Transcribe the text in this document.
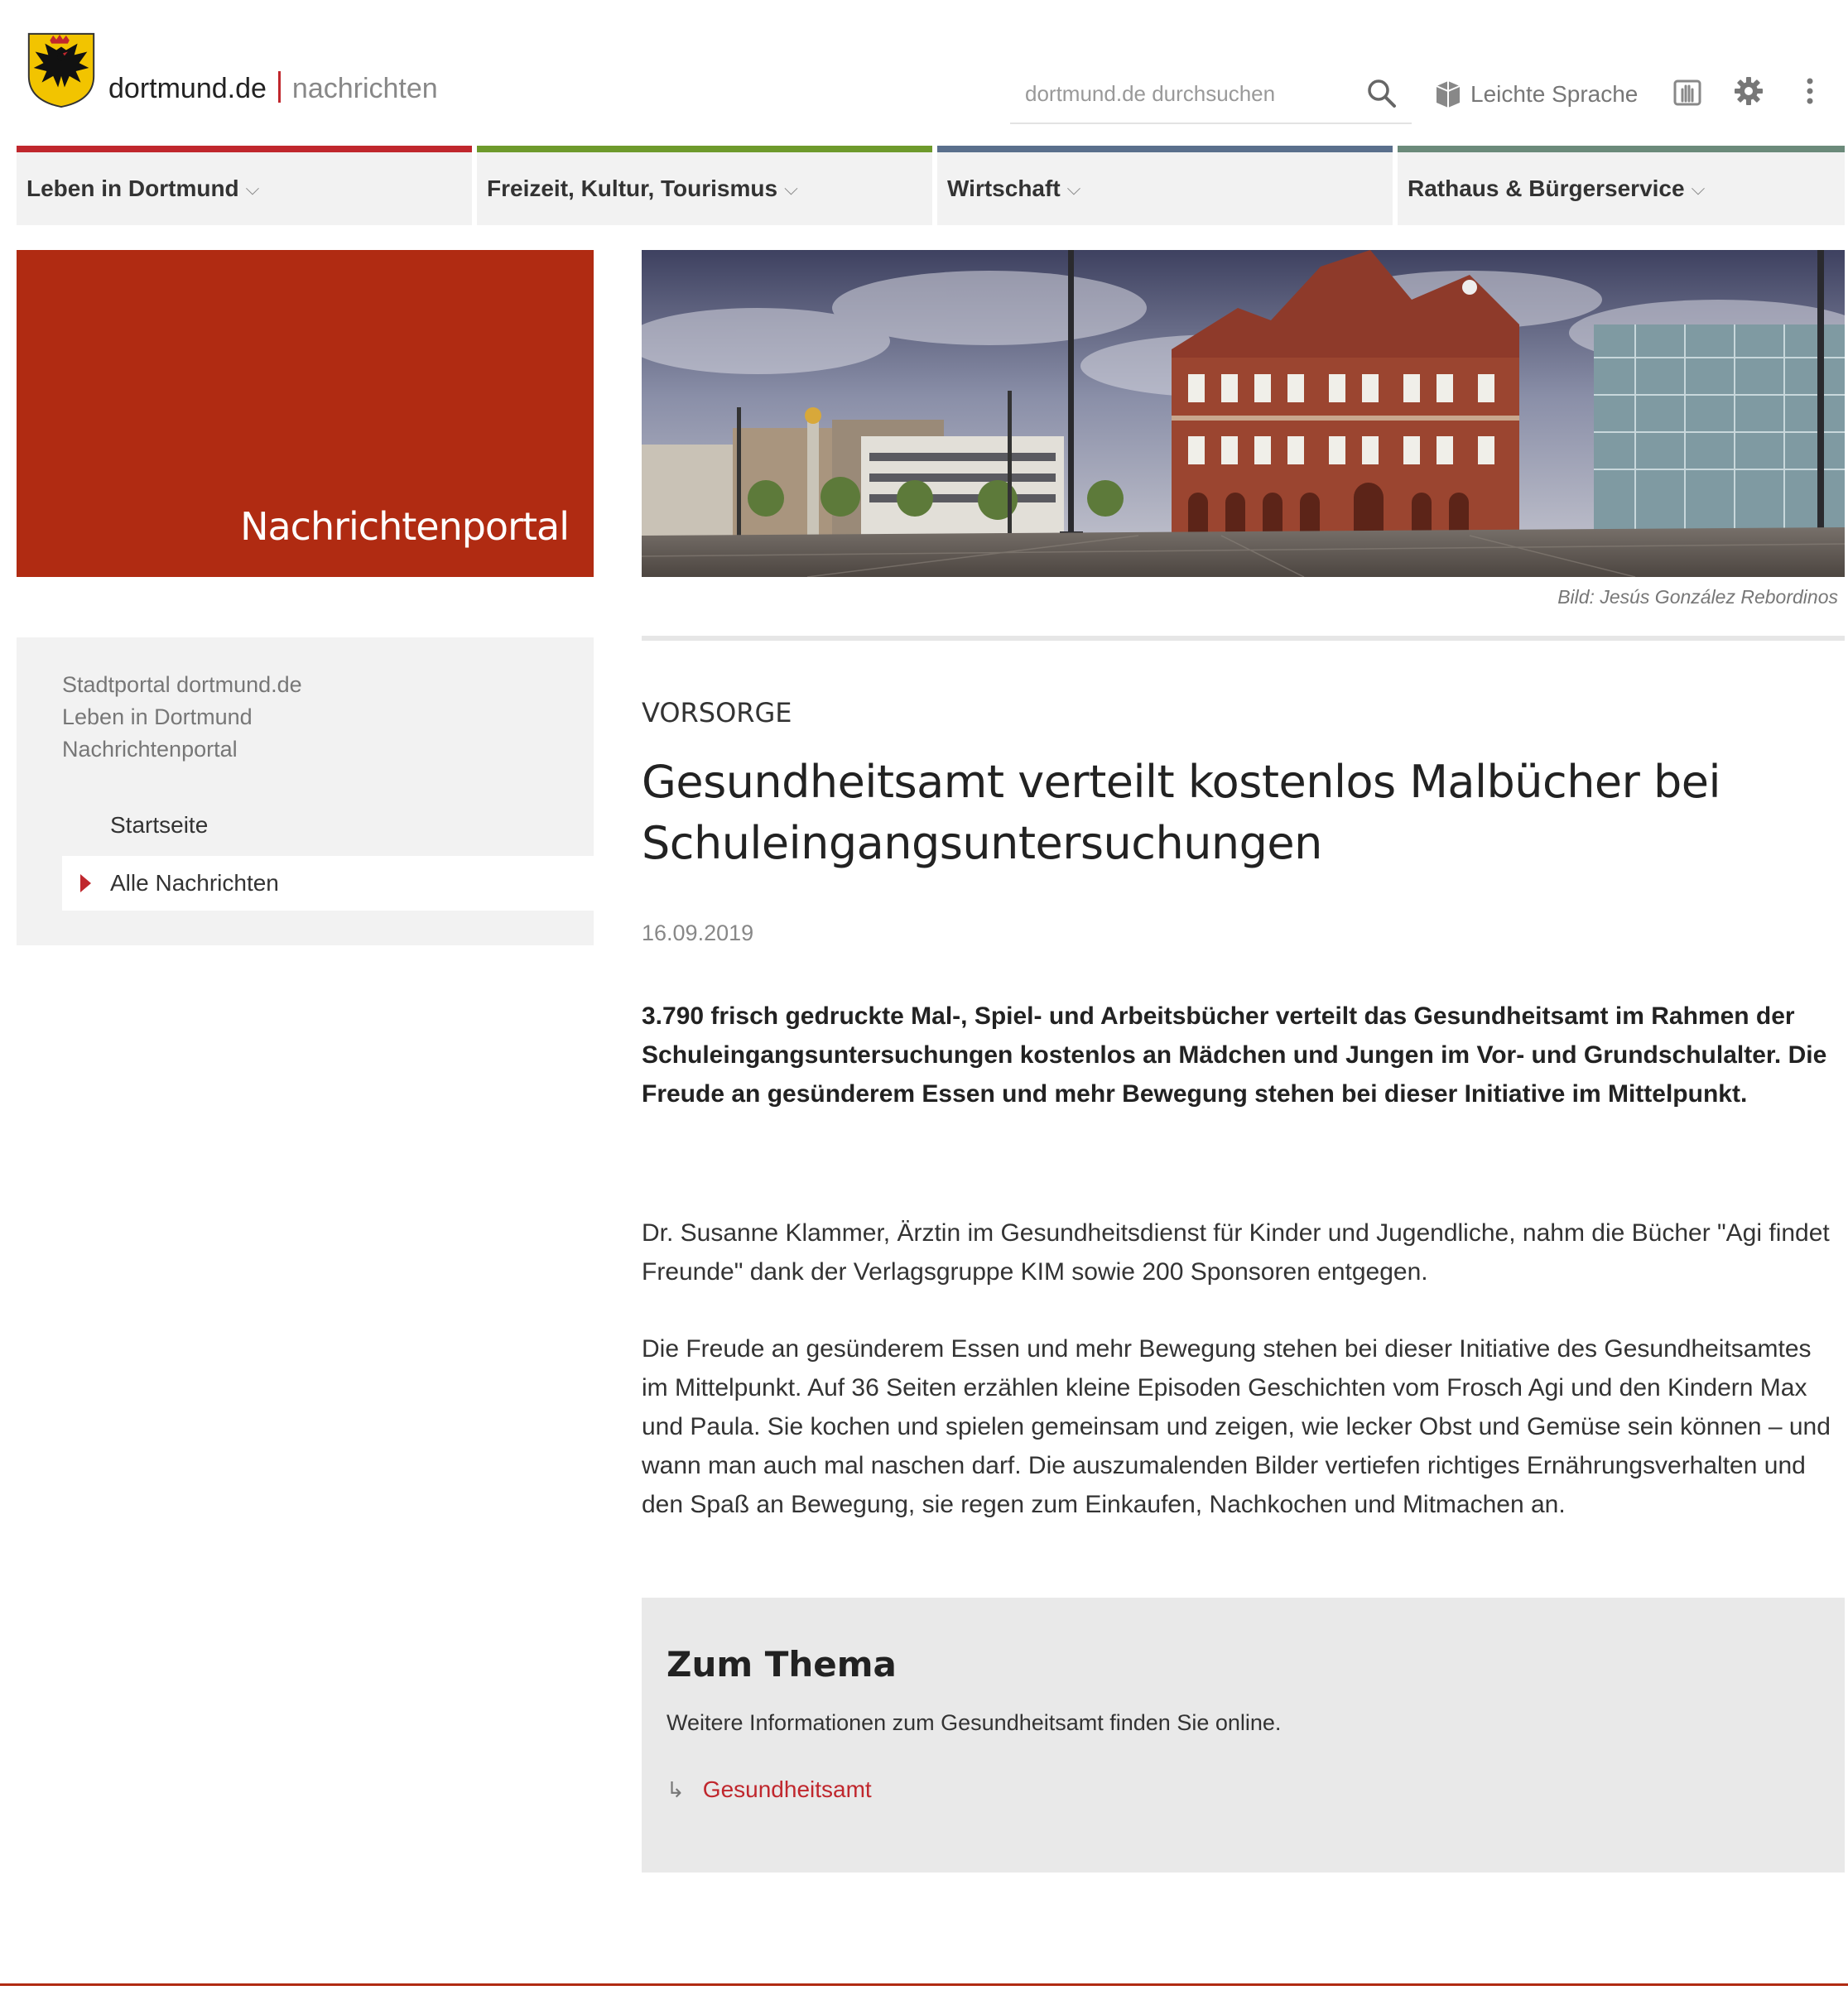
dortmund.de nachrichten
dortmund.de durchsuchen	Leichte Sprache
Leben in Dortmund ⌵	Freizeit, Kultur, Tourismus ⌵	Wirtschaft ⌵	Rathaus & Bürgerservice ⌵
Nachrichtenportal
Bild: Jesús González Rebordinos
Stadtportal dortmund.de
Leben in Dortmund
Nachrichtenportal
Startseite
Alle Nachrichten
VORSORGE
Gesundheitsamt verteilt kostenlos Malbücher bei Schuleingangsuntersuchungen
16.09.2019

3.790 frisch gedruckte Mal-, Spiel- und Arbeitsbücher verteilt das Gesundheitsamt im Rahmen der Schuleingangsuntersuchungen kostenlos an Mädchen und Jungen im Vor- und Grundschulalter. Die Freude an gesünderem Essen und mehr Bewegung stehen bei dieser Initiative im Mittelpunkt.

Dr. Susanne Klammer, Ärztin im Gesundheitsdienst für Kinder und Jugendliche, nahm die Bücher "Agi findet Freunde" dank der Verlagsgruppe KIM sowie 200 Sponsoren entgegen.

Die Freude an gesünderem Essen und mehr Bewegung stehen bei dieser Initiative des Gesundheitsamtes im Mittelpunkt. Auf 36 Seiten erzählen kleine Episoden Geschichten vom Frosch Agi und den Kindern Max und Paula. Sie kochen und spielen gemeinsam und zeigen, wie lecker Obst und Gemüse sein können – und wann man auch mal naschen darf. Die auszumalenden Bilder vertiefen richtiges Ernährungsverhalten und den Spaß an Bewegung, sie regen zum Einkaufen, Nachkochen und Mitmachen an.

Zum Thema

Weitere Informationen zum Gesundheitsamt finden Sie online.

↳ Gesundheitsamt
